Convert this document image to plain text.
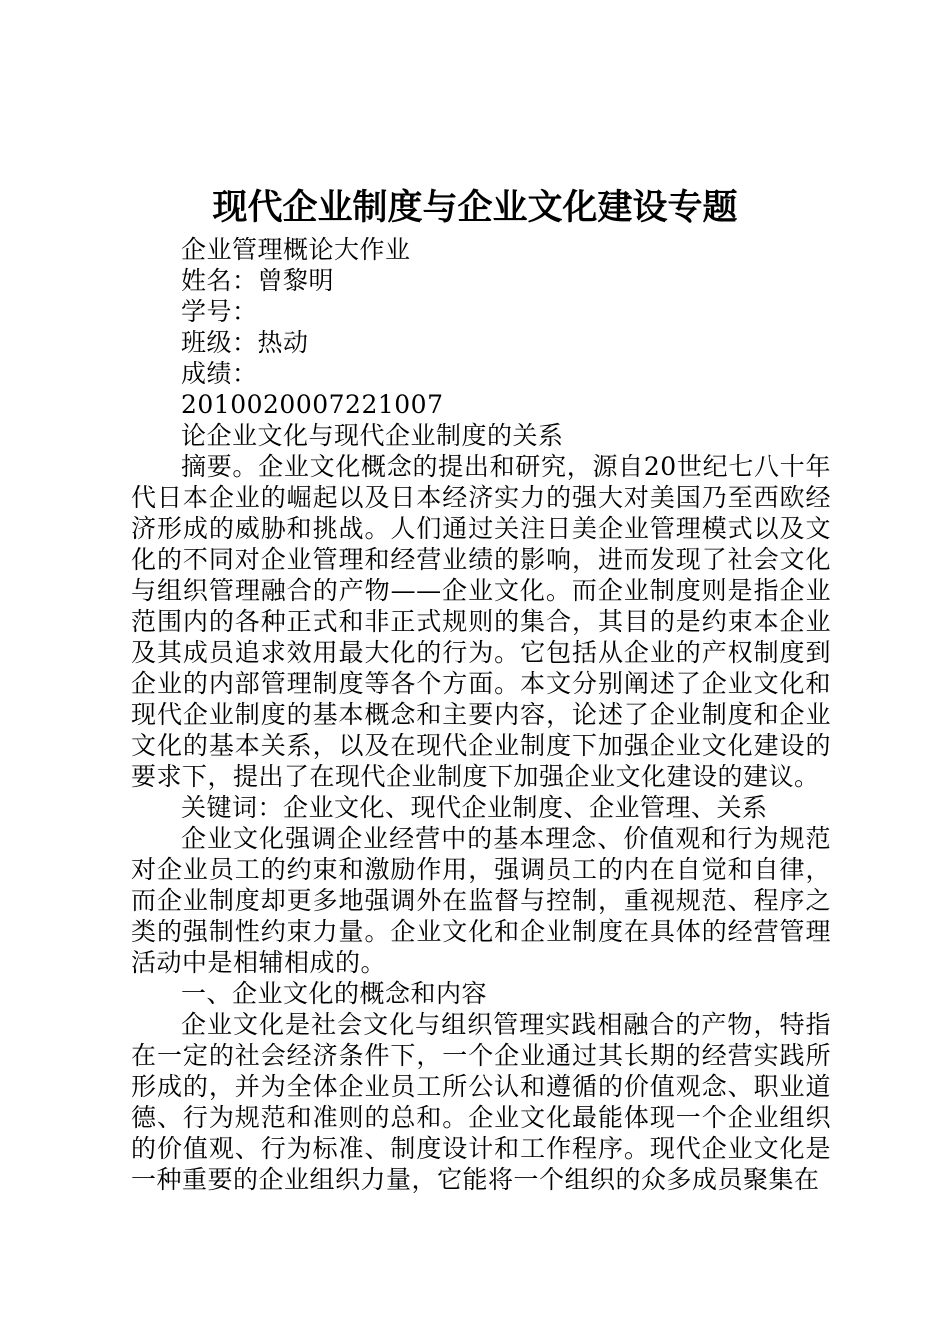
现代企业制度与企业文化建设专题

企业管理概论大作业

姓名：曾黎明

学号：

班级：热动

成绩：

2010020007221007

论企业文化与现代企业制度的关系

摘要。企业文化概念的提出和研究，源自20世纪七八十年代日本企业的崛起以及日本经济实力的强大对美国乃至西欧经济形成的威胁和挑战。人们通过关注日美企业管理模式以及文化的不同对企业管理和经营业绩的影响，进而发现了社会文化与组织管理融合的产物——企业文化。而企业制度则是指企业范围内的各种正式和非正式规则的集合，其目的是约束本企业及其成员追求效用最大化的行为。它包括从企业的产权制度到企业的内部管理制度等各个方面。本文分别阐述了企业文化和现代企业制度的基本概念和主要内容，论述了企业制度和企业文化的基本关系，以及在现代企业制度下加强企业文化建设的要求下，提出了在现代企业制度下加强企业文化建设的建议。

关键词：企业文化、现代企业制度、企业管理、关系

企业文化强调企业经营中的基本理念、价值观和行为规范对企业员工的约束和激励作用，强调员工的内在自觉和自律，而企业制度却更多地强调外在监督与控制，重视规范、程序之类的强制性约束力量。企业文化和企业制度在具体的经营管理活动中是相辅相成的。

一、企业文化的概念和内容

企业文化是社会文化与组织管理实践相融合的产物，特指在一定的社会经济条件下，一个企业通过其长期的经营实践所形成的，并为全体企业员工所公认和遵循的价值观念、职业道德、行为规范和准则的总和。企业文化最能体现一个企业组织的价值观、行为标准、制度设计和工作程序。现代企业文化是一种重要的企业组织力量，它能将一个组织的众多成员聚集在
